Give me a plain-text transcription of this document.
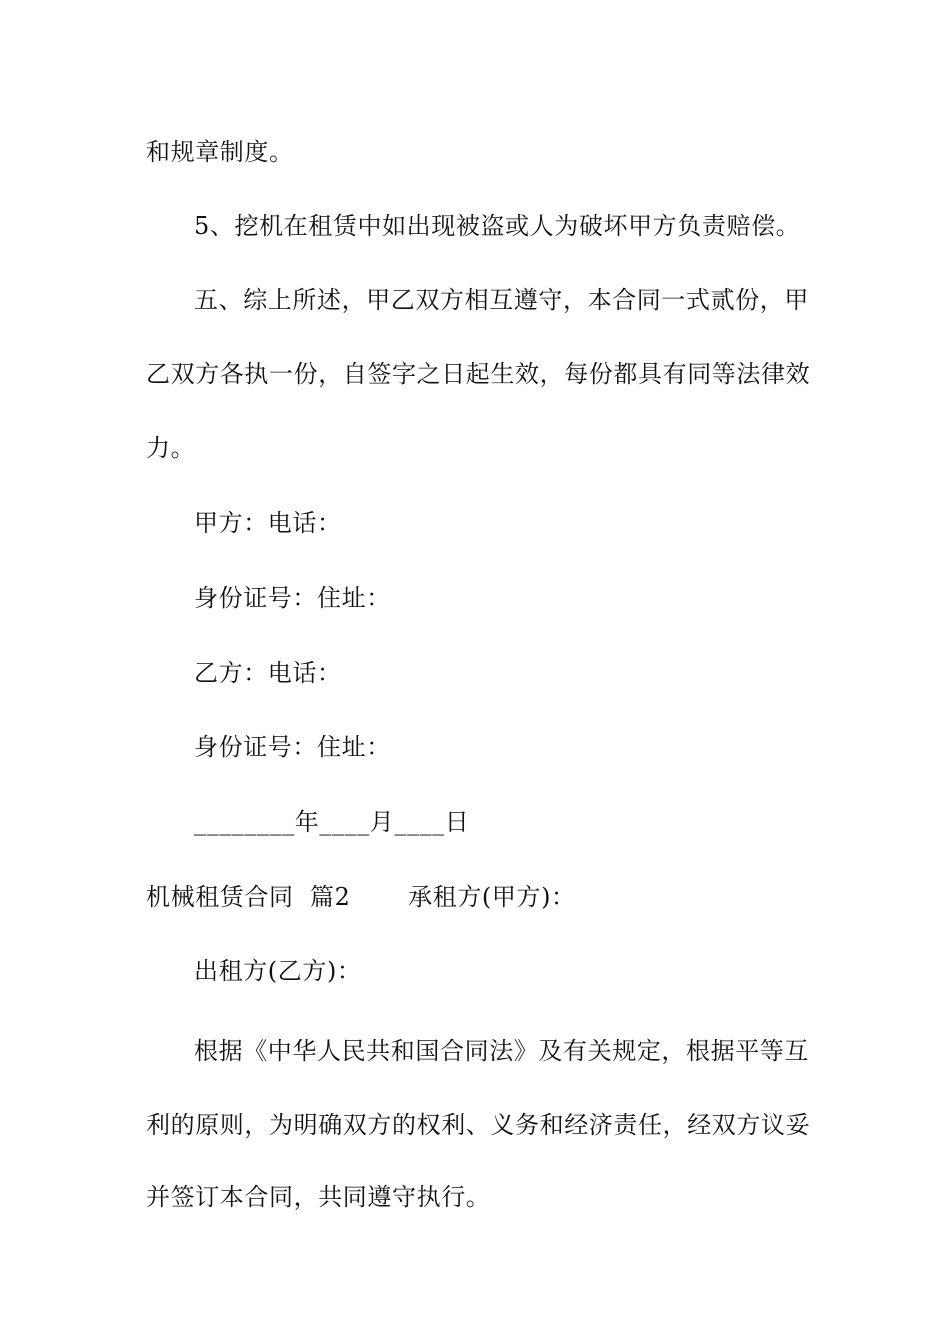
和规章制度。
5、挖机在租赁中如出现被盗或人为破坏甲方负责赔偿。
五、综上所述，甲乙双方相互遵守，本合同一式贰份，甲
乙双方各执一份，自签字之日起生效，每份都具有同等法律效
力。
甲方：电话：
身份证号：住址：
乙方：电话：
身份证号：住址：
________年____月____日
机械租赁合同  篇2       承租方(甲方)：
出租方(乙方)：
根据《中华人民共和国合同法》及有关规定，根据平等互
利的原则，为明确双方的权利、义务和经济责任，经双方议妥
并签订本合同，共同遵守执行。
